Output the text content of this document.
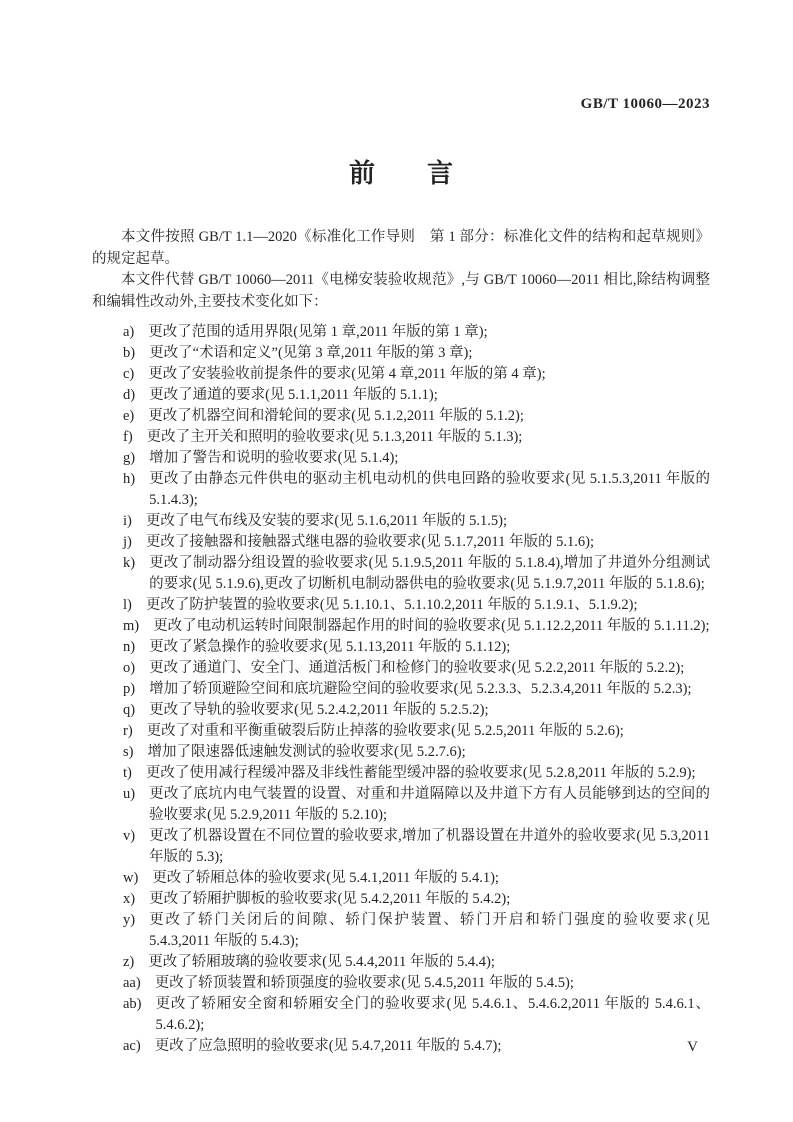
GB/T 10060—2023
前　　言

本文件按照 GB/T 1.1—2020《标准化工作导则　第 1 部分：标准化文件的结构和起草规则》的规定起草。

本文件代替 GB/T 10060—2011《电梯安装验收规范》,与 GB/T 10060—2011 相比,除结构调整和编辑性改动外,主要技术变化如下：

a) 更改了范围的适用界限(见第 1 章,2011 年版的第 1 章);
b) 更改了“术语和定义”(见第 3 章,2011 年版的第 3 章);
c) 更改了安装验收前提条件的要求(见第 4 章,2011 年版的第 4 章);
d) 更改了通道的要求(见 5.1.1,2011 年版的 5.1.1);
e) 更改了机器空间和滑轮间的要求(见 5.1.2,2011 年版的 5.1.2);
f) 更改了主开关和照明的验收要求(见 5.1.3,2011 年版的 5.1.3);
g) 增加了警告和说明的验收要求(见 5.1.4);
h) 更改了由静态元件供电的驱动主机电动机的供电回路的验收要求(见 5.1.5.3,2011 年版的 5.1.4.3);
i) 更改了电气布线及安装的要求(见 5.1.6,2011 年版的 5.1.5);
j) 更改了接触器和接触器式继电器的验收要求(见 5.1.7,2011 年版的 5.1.6);
k) 更改了制动器分组设置的验收要求(见 5.1.9.5,2011 年版的 5.1.8.4),增加了井道外分组测试的要求(见 5.1.9.6),更改了切断机电制动器供电的验收要求(见 5.1.9.7,2011 年版的 5.1.8.6);
l) 更改了防护装置的验收要求(见 5.1.10.1、5.1.10.2,2011 年版的 5.1.9.1、5.1.9.2);
m) 更改了电动机运转时间限制器起作用的时间的验收要求(见 5.1.12.2,2011 年版的 5.1.11.2);
n) 更改了紧急操作的验收要求(见 5.1.13,2011 年版的 5.1.12);
o) 更改了通道门、安全门、通道活板门和检修门的验收要求(见 5.2.2,2011 年版的 5.2.2);
p) 增加了轿顶避险空间和底坑避险空间的验收要求(见 5.2.3.3、5.2.3.4,2011 年版的 5.2.3);
q) 更改了导轨的验收要求(见 5.2.4.2,2011 年版的 5.2.5.2);
r) 更改了对重和平衡重破裂后防止掉落的验收要求(见 5.2.5,2011 年版的 5.2.6);
s) 增加了限速器低速触发测试的验收要求(见 5.2.7.6);
t) 更改了使用减行程缓冲器及非线性蓄能型缓冲器的验收要求(见 5.2.8,2011 年版的 5.2.9);
u) 更改了底坑内电气装置的设置、对重和井道隔障以及井道下方有人员能够到达的空间的验收要求(见 5.2.9,2011 年版的 5.2.10);
v) 更改了机器设置在不同位置的验收要求,增加了机器设置在井道外的验收要求(见 5.3,2011 年版的 5.3);
w) 更改了轿厢总体的验收要求(见 5.4.1,2011 年版的 5.4.1);
x) 更改了轿厢护脚板的验收要求(见 5.4.2,2011 年版的 5.4.2);
y) 更改了轿门关闭后的间隙、轿门保护装置、轿门开启和轿门强度的验收要求(见 5.4.3,2011 年版的 5.4.3);
z) 更改了轿厢玻璃的验收要求(见 5.4.4,2011 年版的 5.4.4);
aa) 更改了轿顶装置和轿顶强度的验收要求(见 5.4.5,2011 年版的 5.4.5);
ab) 更改了轿厢安全窗和轿厢安全门的验收要求(见 5.4.6.1、5.4.6.2,2011 年版的 5.4.6.1、5.4.6.2);
ac) 更改了应急照明的验收要求(见 5.4.7,2011 年版的 5.4.7);	V
